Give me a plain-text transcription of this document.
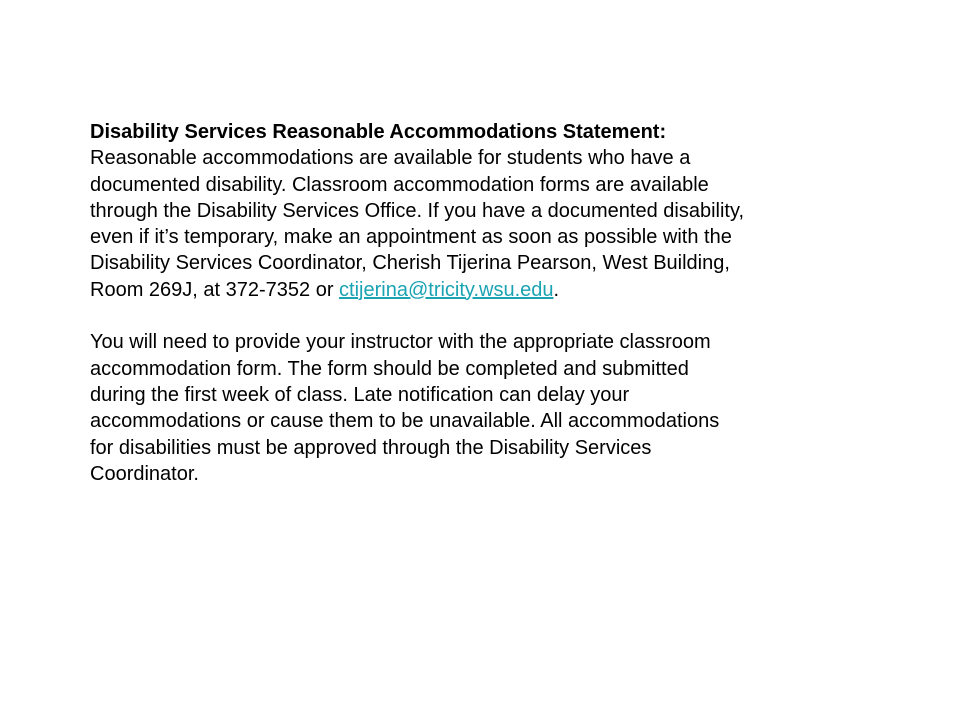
Disability Services Reasonable Accommodations Statement:
Reasonable accommodations are available for students who have a
documented disability. Classroom accommodation forms are available
through the Disability Services Office. If you have a documented disability,
even if it’s temporary, make an appointment as soon as possible with the
Disability Services Coordinator, Cherish Tijerina Pearson, West Building,
Room 269J, at 372-7352 or ctijerina@tricity.wsu.edu.

You will need to provide your instructor with the appropriate classroom
accommodation form. The form should be completed and submitted
during the first week of class. Late notification can delay your
accommodations or cause them to be unavailable. All accommodations
for disabilities must be approved through the Disability Services
Coordinator.
